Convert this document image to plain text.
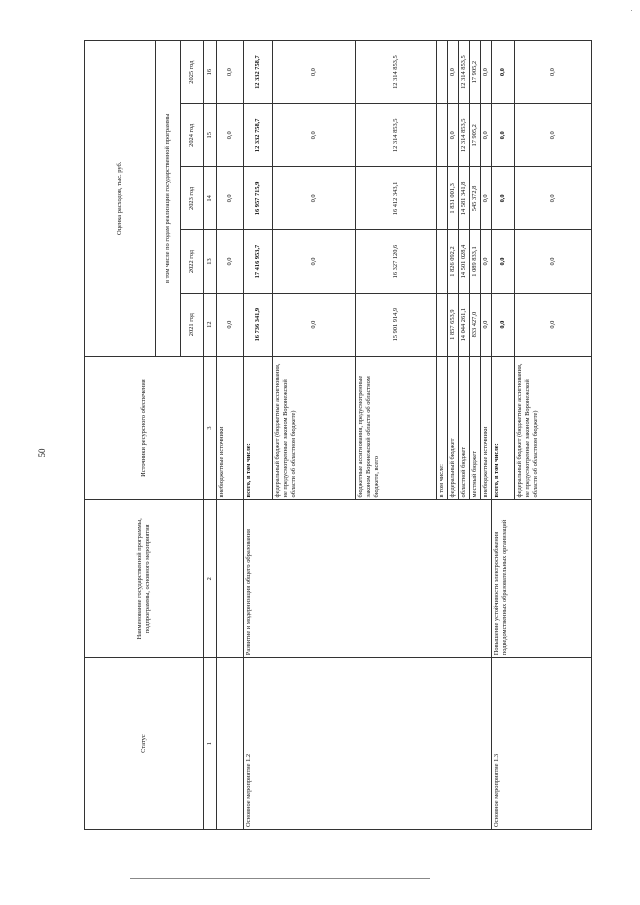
50
Статус	Наименование государственной программы, подпрограммы, основного мероприятия	Источники ресурсного обеспечения	Оценка расходов, тыс. руб.				
			в том числе по годам реализации государственной программы				
			2021 год	2022 год	2023 год	2024 год	2025 год
1	2	3	12	13	14	15	16
		внебюджетные источники	0,0	0,0	0,0	0,0	0,0
Основное мероприятие 1.2	Развитие и модернизация общего образования	всего, в том числе:	16 736 341,9	17 416 953,7	16 957 715,9	12 332 758,7	12 332 758,7
		федеральный бюджет (бюджетные ассигнования, не предусмотренные законом Воронежской области об областном бюджете)	0,0	0,0	0,0	0,0	0,0
		бюджетные ассигнования, предусмотренные законом Воронежской области об областном бюджете, всего	15 901 914,9	16 327 120,6	16 412 343,1	12 314 853,5	12 314 853,5
		в том числе:					
		федеральный бюджет	1 857 653,9	1 826 092,2	1 831 001,3	0,0	0,0
		областной бюджет	14 044 261,1	14 501 028,4	14 581 341,8	12 314 853,5	12 314 853,5
		местный бюджет	833 427,0	1 089 833,1	545 372,8	17 905,2	17 905,2
		внебюджетные источники	0,0	0,0	0,0	0,0	0,0
Основное мероприятие 1.3	Повышение устойчивости электроснабжения подведомственных образовательных организаций	всего, в том числе:	0,0	0,0	0,0	0,0	0,0
		федеральный бюджет (бюджетные ассигнования, не предусмотренные законом Воронежской области об областном бюджете)	0,0	0,0	0,0	0,0	0,0
